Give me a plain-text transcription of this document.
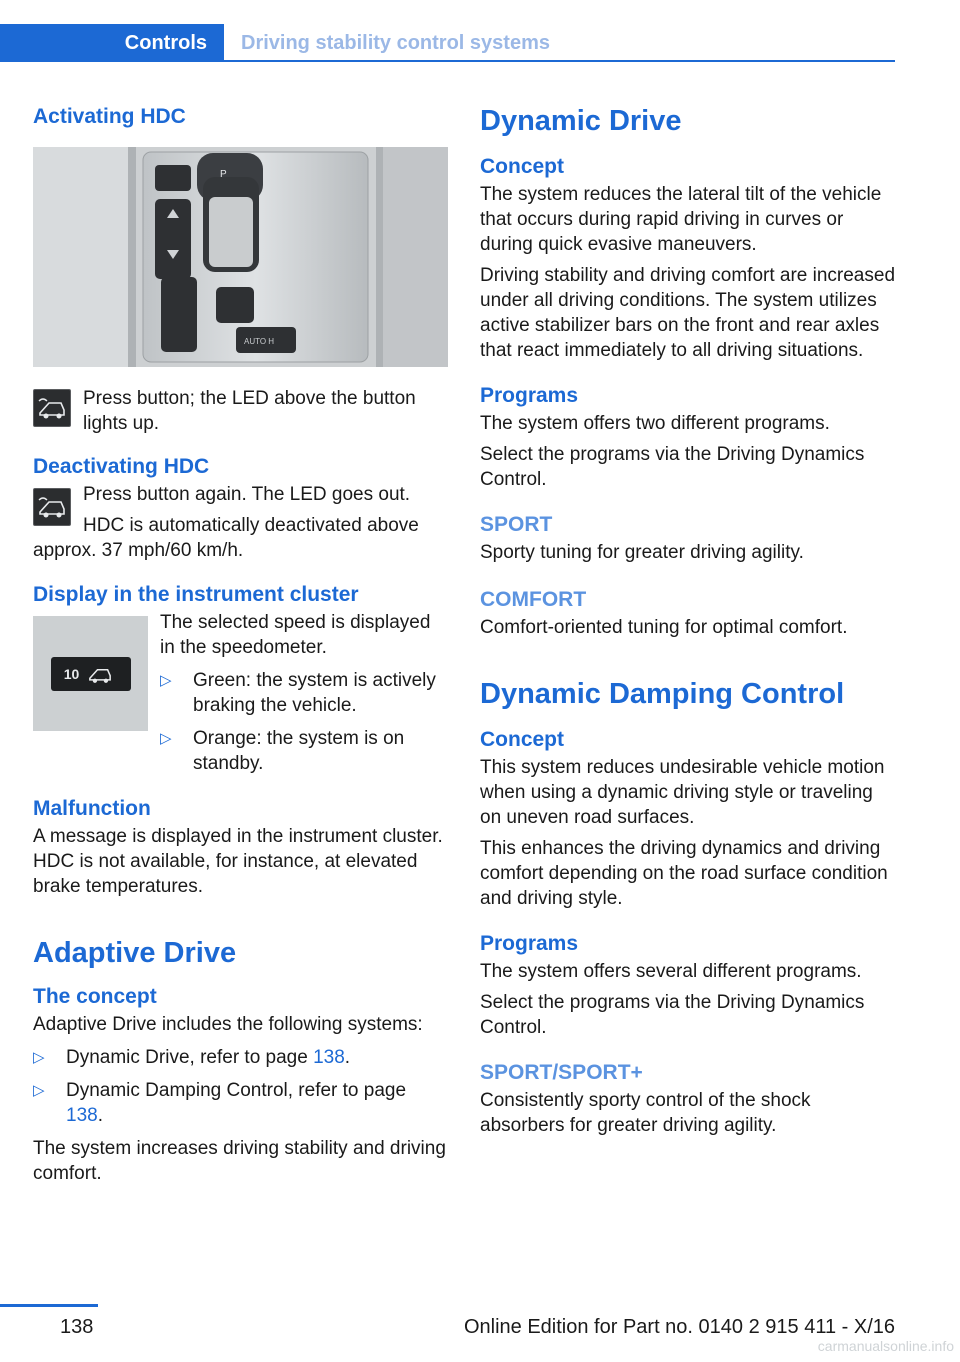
Controls	Driving stability control systems
Activating HDC
P
AUTO H

Press button; the LED above the button lights up.

Deactivating HDC

Press button again. The LED goes out.

HDC is automatically deactivated above

approx. 37 mph/60 km/h.

Display in the instrument cluster
10

The selected speed is displayed in the speedometer.

▷ Green: the system is actively braking the vehicle.
▷ Orange: the system is on standby.
Malfunction

A message is displayed in the instrument cluster. HDC is not available, for instance, at elevated brake temperatures.

Adaptive Drive
The concept

Adaptive Drive includes the following systems:

▷ Dynamic Drive, refer to page 138.
▷ Dynamic Damping Control, refer to page 138.

The system increases driving stability and driving comfort.

Dynamic Drive
Concept

The system reduces the lateral tilt of the vehicle that occurs during rapid driving in curves or during quick evasive maneuvers.

Driving stability and driving comfort are increased under all driving conditions. The system utilizes active stabilizer bars on the front and rear axles that react immediately to all driving situations.

Programs

The system offers two different programs.

Select the programs via the Driving Dynamics Control.

SPORT

Sporty tuning for greater driving agility.

COMFORT

Comfort-oriented tuning for optimal comfort.

Dynamic Damping Control
Concept

This system reduces undesirable vehicle motion when using a dynamic driving style or traveling on uneven road surfaces.

This enhances the driving dynamics and driving comfort depending on the road surface condition and driving style.

Programs

The system offers several different programs.

Select the programs via the Driving Dynamics Control.

SPORT/SPORT+

Consistently sporty control of the shock absorbers for greater driving agility.

138	Online Edition for Part no. 0140 2 915 411 - X/16
carmanualsonline.info
